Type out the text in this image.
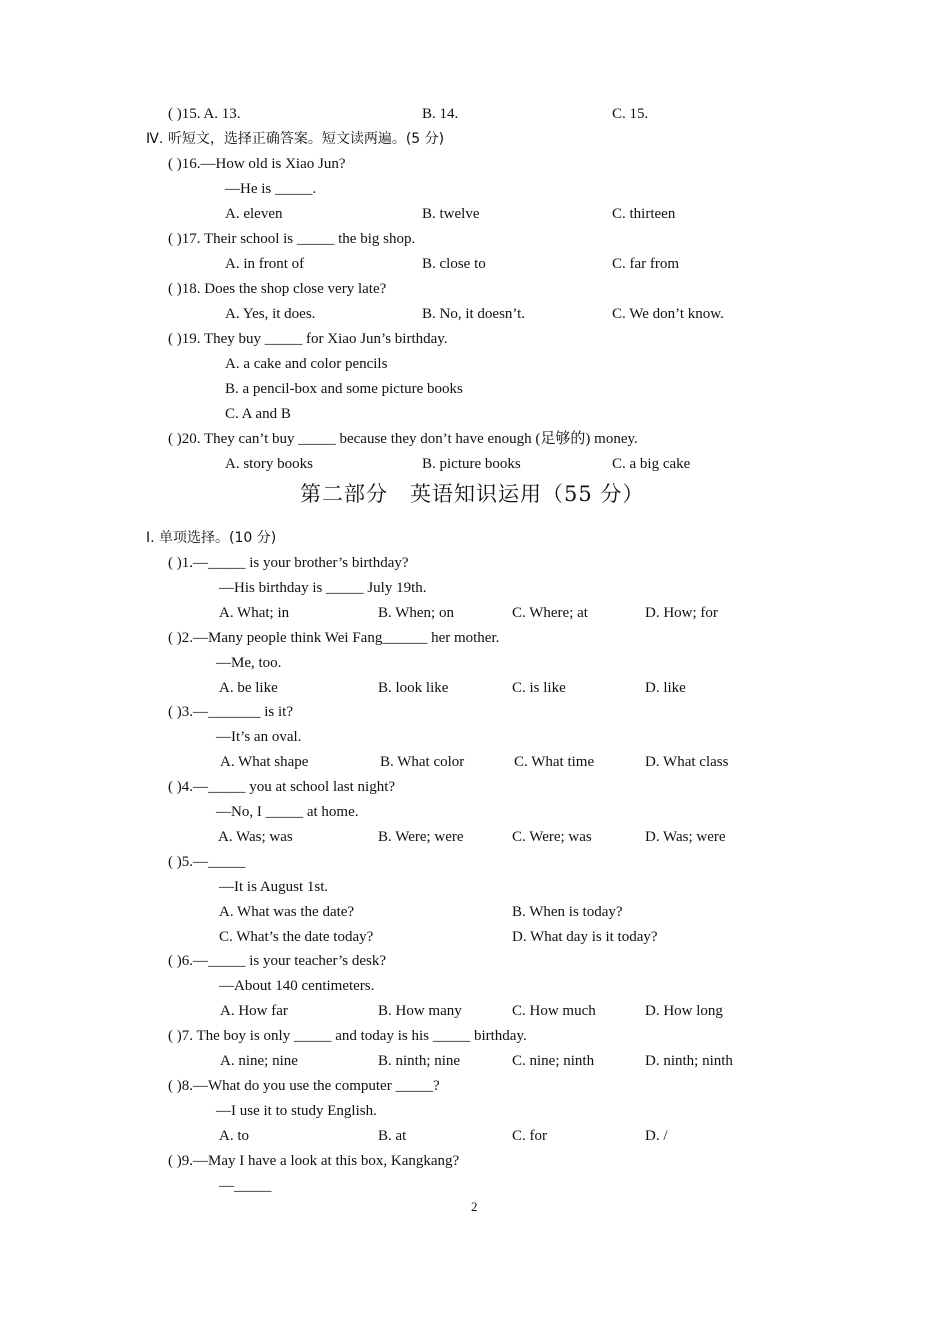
( )15. A. 13.	B. 14.	C. 15.
Ⅳ. 听短文，选择正确答案。短文读两遍。(5 分)
( )16.—How old is Xiao Jun?
—He is _____.
A. eleven	B. twelve	C. thirteen
( )17. Their school is _____ the big shop.
A. in front of	B. close to	C. far from
( )18. Does the shop close very late?
A. Yes, it does.	B. No, it doesn’t.	C. We don’t know.
( )19. They buy _____ for Xiao Jun’s birthday.
A. a cake and color pencils
B. a pencil-box and some picture books
C. A and B
( )20. They can’t buy _____ because they don’t have enough (足够的) money.
A. story books	B. picture books	C. a big cake
第二部分　英语知识运用（55 分）
Ⅰ. 单项选择。(10 分)
( )1.—_____ is your brother’s birthday?
—His birthday is _____ July 19th.
A. What; in	B. When; on	C. Where; at	D. How; for
( )2.—Many people think Wei Fang______ her mother.
—Me, too.
A. be like	B. look like	C. is like	D. like
( )3.—_______ is it?
—It’s an oval.
A. What shape	B. What color	C. What time	D. What class
( )4.—_____ you at school last night?
—No, I _____ at home.
A. Was; was	B. Were; were	C. Were; was	D. Was; were
( )5.—_____
—It is August 1st.
A. What was the date?	B. When is today?
C. What’s the date today?	D. What day is it today?
( )6.—_____ is your teacher’s desk?
—About 140 centimeters.
A. How far	B. How many	C. How much	D. How long
( )7. The boy is only _____ and today is his _____ birthday.
A. nine; nine	B. ninth; nine	C. nine; ninth	D. ninth; ninth
( )8.—What do you use the computer _____?
—I use it to study English.
A. to	B. at	C. for	D. /
( )9.—May I have a look at this box, Kangkang?
—_____
2
